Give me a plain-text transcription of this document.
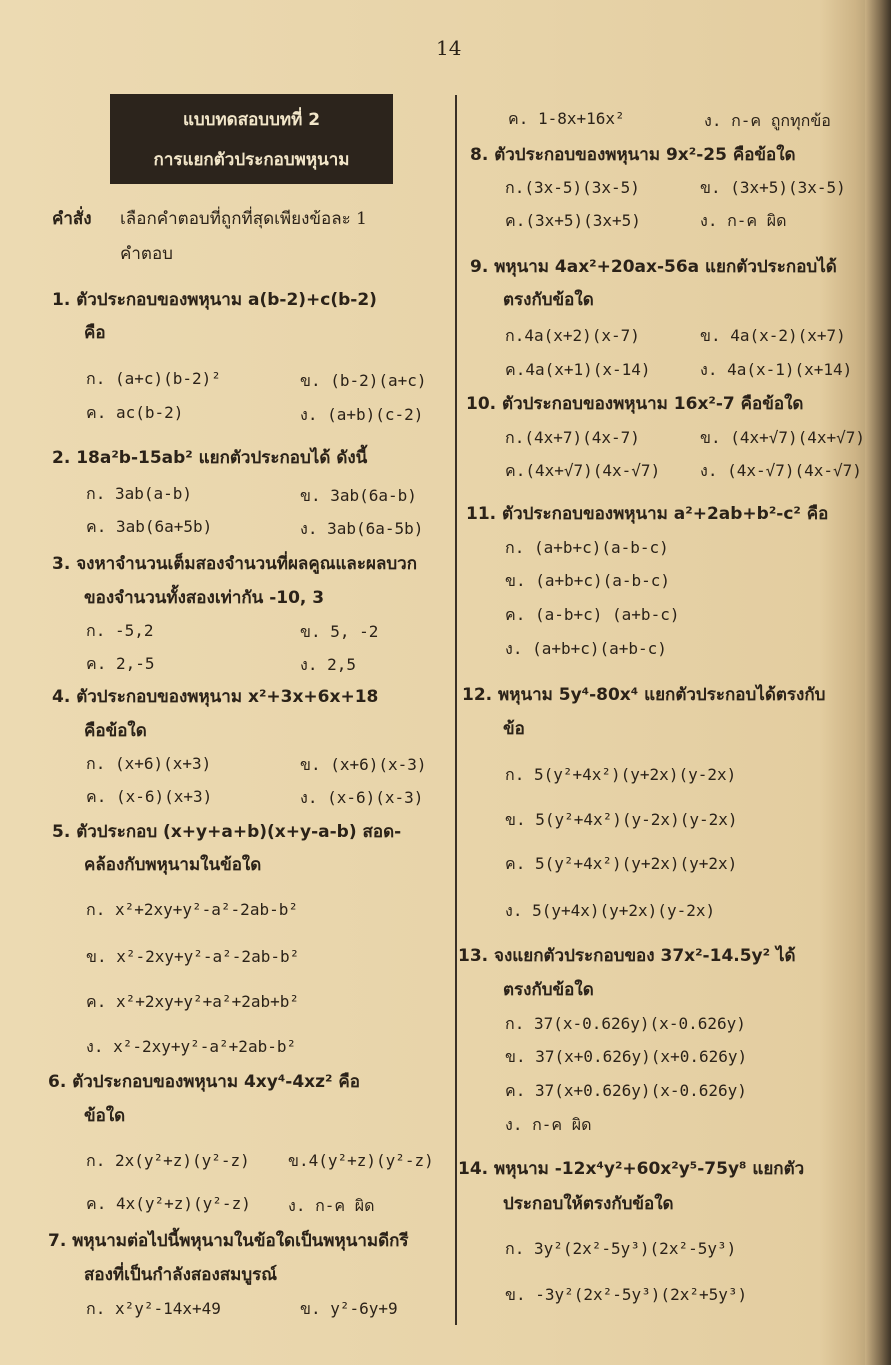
14
แบบทดสอบบทที่ 2
การแยกตัวประกอบพหุนาม
คำสั่ง เลือกคำตอบที่ถูกที่สุดเพียงข้อละ 1
คำตอบ
1. ตัวประกอบของพหุนาม a(b-2)+c(b-2)
คือ
ก. (a+c)(b-2)²	ข. (b-2)(a+c)
ค. ac(b-2)	ง. (a+b)(c-2)
2. 18a²b-15ab² แยกตัวประกอบได้ ดังนี้
ก. 3ab(a-b)	ข. 3ab(6a-b)
ค. 3ab(6a+5b)	ง. 3ab(6a-5b)
3. จงหาจำนวนเต็มสองจำนวนที่ผลคูณและผลบวก
ของจำนวนทั้งสองเท่ากัน -10, 3
ก. -5,2	ข. 5, -2
ค. 2,-5	ง. 2,5
4. ตัวประกอบของพหุนาม x²+3x+6x+18
คือข้อใด
ก. (x+6)(x+3)	ข. (x+6)(x-3)
ค. (x-6)(x+3)	ง. (x-6)(x-3)
5. ตัวประกอบ (x+y+a+b)(x+y-a-b) สอด-
คล้องกับพหุนามในข้อใด
ก. x²+2xy+y²-a²-2ab-b²
ข. x²-2xy+y²-a²-2ab-b²
ค. x²+2xy+y²+a²+2ab+b²
ง. x²-2xy+y²-a²+2ab-b²
6. ตัวประกอบของพหุนาม 4xy⁴-4xz² คือ
ข้อใด
ก. 2x(y²+z)(y²-z) ข.4(y²+z)(y²-z)
ค. 4x(y²+z)(y²-z) ง. ก-ค ผิด
7. พหุนามต่อไปนี้พหุนามในข้อใดเป็นพหุนามดีกรี
สองที่เป็นกำลังสองสมบูรณ์
ก. x²y²-14x+49	ข. y²-6y+9
ค. 1-8x+16x²	ง. ก-ค ถูกทุกข้อ
8. ตัวประกอบของพหุนาม 9x²-25 คือข้อใด
ก.(3x-5)(3x-5)	ข. (3x+5)(3x-5)
ค.(3x+5)(3x+5)	ง. ก-ค ผิด
9. พหุนาม 4ax²+20ax-56a แยกตัวประกอบได้
ตรงกับข้อใด
ก.4a(x+2)(x-7)	ข. 4a(x-2)(x+7)
ค.4a(x+1)(x-14)	ง. 4a(x-1)(x+14)
10. ตัวประกอบของพหุนาม 16x²-7 คือข้อใด
ก.(4x+7)(4x-7)	ข. (4x+√7)(4x+√7)
ค.(4x+√7)(4x-√7) ง. (4x-√7)(4x-√7)
11. ตัวประกอบของพหุนาม a²+2ab+b²-c² คือ
ก. (a+b+c)(a-b-c)
ข. (a+b+c)(a-b-c)
ค. (a-b+c) (a+b-c)
ง. (a+b+c)(a+b-c)
12. พหุนาม 5y⁴-80x⁴ แยกตัวประกอบได้ตรงกับ
ข้อ
ก. 5(y²+4x²)(y+2x)(y-2x)
ข. 5(y²+4x²)(y-2x)(y-2x)
ค. 5(y²+4x²)(y+2x)(y+2x)
ง. 5(y+4x)(y+2x)(y-2x)
13. จงแยกตัวประกอบของ 37x²-14.5y² ได้
ตรงกับข้อใด
ก. 37(x-0.626y)(x-0.626y)
ข. 37(x+0.626y)(x+0.626y)
ค. 37(x+0.626y)(x-0.626y)
ง. ก-ค ผิด
14. พหุนาม -12x⁴y²+60x²y⁵-75y⁸ แยกตัว
ประกอบให้ตรงกับข้อใด
ก. 3y²(2x²-5y³)(2x²-5y³)
ข. -3y²(2x²-5y³)(2x²+5y³)
